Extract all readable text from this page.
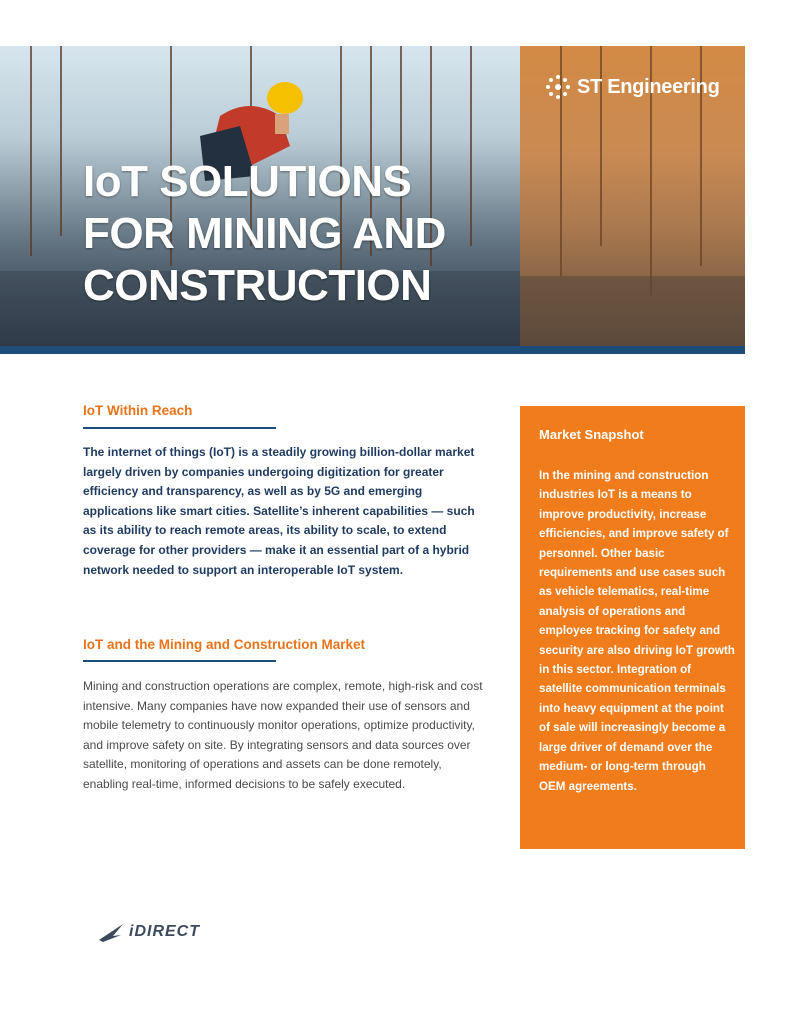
IoT SOLUTIONS
FOR MINING AND
CONSTRUCTION
ST Engineering
IoT Within Reach

The internet of things (IoT) is a steadily growing billion-dollar market largely driven by companies undergoing digitization for greater efficiency and transparency, as well as by 5G and emerging applications like smart cities. Satellite’s inherent capabilities — such as its ability to reach remote areas, its ability to scale, to extend coverage for other providers — make it an essential part of a hybrid network needed to support an interoperable IoT system.

IoT and the Mining and Construction Market

Mining and construction operations are complex, remote, high-risk and cost intensive. Many companies have now expanded their use of sensors and mobile telemetry to continuously monitor operations, optimize productivity, and improve safety on site. By integrating sensors and data sources over satellite, monitoring of operations and assets can be done remotely, enabling real-time, informed decisions to be safely executed.

Market Snapshot

In the mining and construction industries IoT is a means to improve productivity, increase efficiencies, and improve safety of personnel. Other basic requirements and use cases such as vehicle telematics, real-time analysis of operations and employee tracking for safety and security are also driving IoT growth in this sector. Integration of satellite communication terminals into heavy equipment at the point of sale will increasingly become a large driver of demand over the medium- or long-term through OEM agreements.

iDIRECT
